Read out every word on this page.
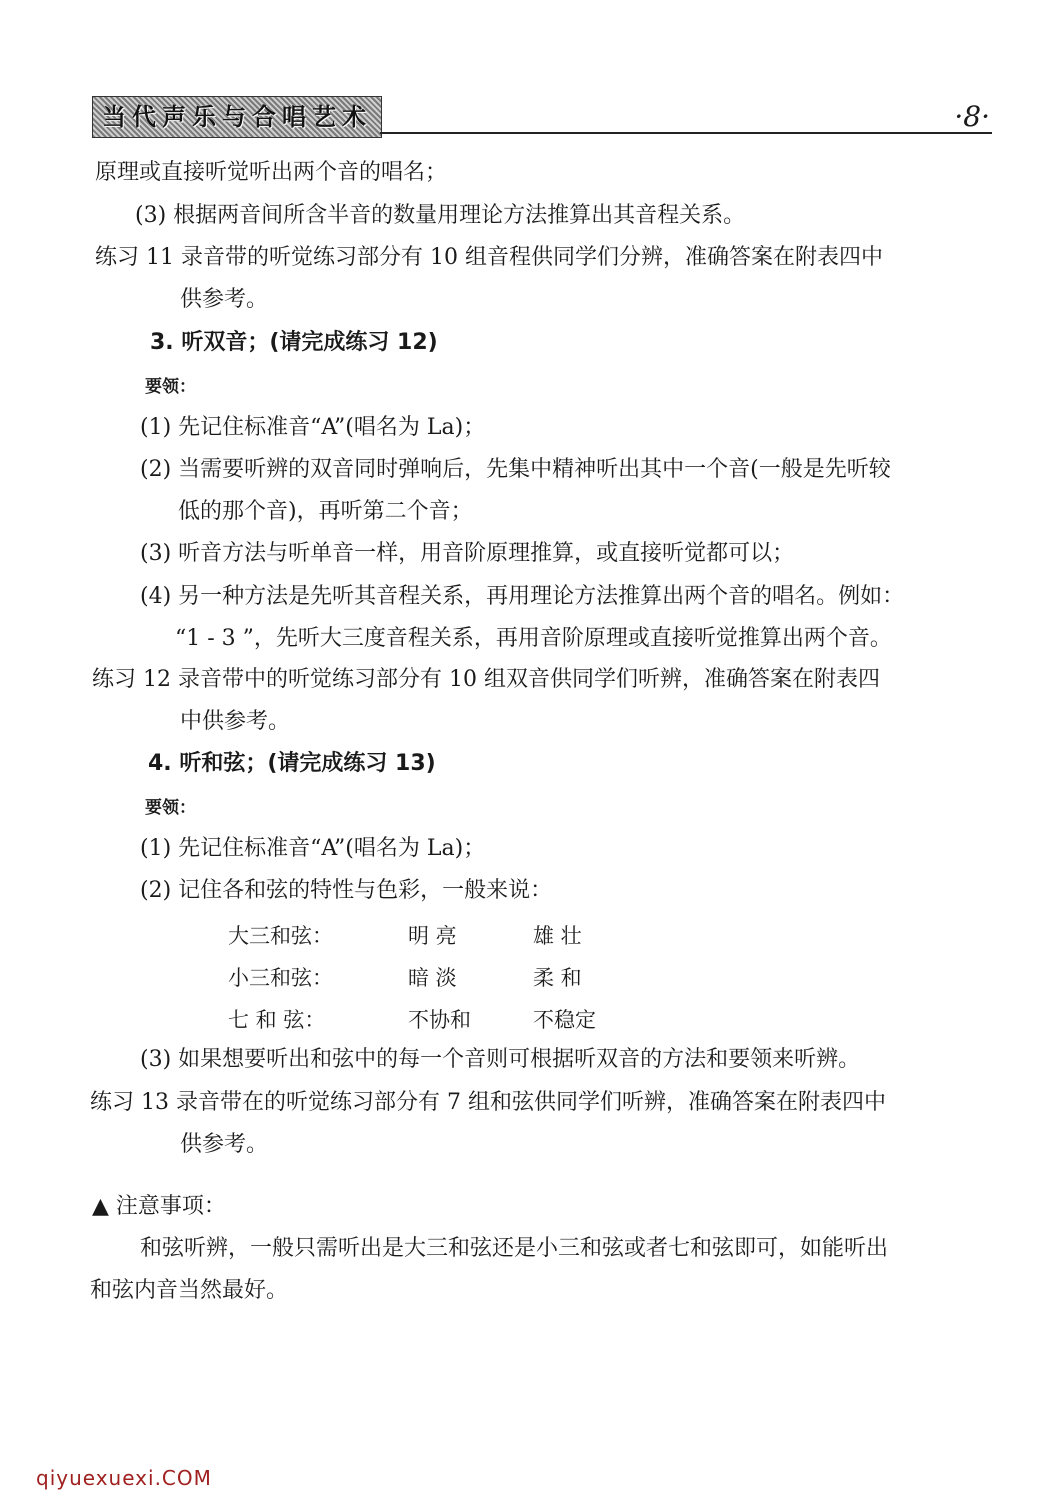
当代声乐与合唱艺术	·8·
原理或直接听觉听出两个音的唱名；
(3) 根据两音间所含半音的数量用理论方法推算出其音程关系。
练习 11 录音带的听觉练习部分有 10 组音程供同学们分辨，准确答案在附表四中
供参考。
3. 听双音；(请完成练习 12)
要领：
(1) 先记住标准音“A”(唱名为 La)；
(2) 当需要听辨的双音同时弹响后，先集中精神听出其中一个音(一般是先听较
低的那个音)，再听第二个音；
(3) 听音方法与听单音一样，用音阶原理推算，或直接听觉都可以；
(4) 另一种方法是先听其音程关系，再用理论方法推算出两个音的唱名。例如：
“1 - 3 ”，先听大三度音程关系，再用音阶原理或直接听觉推算出两个音。
练习 12 录音带中的听觉练习部分有 10 组双音供同学们听辨，准确答案在附表四
中供参考。
4. 听和弦；(请完成练习 13)
要领：
(1) 先记住标准音“A”(唱名为 La)；
(2) 记住各和弦的特性与色彩，一般来说：
大三和弦：	明 亮	雄 壮
小三和弦：	暗 淡	柔 和
七 和 弦：	不协和	不稳定
(3) 如果想要听出和弦中的每一个音则可根据听双音的方法和要领来听辨。
练习 13 录音带在的听觉练习部分有 7 组和弦供同学们听辨，准确答案在附表四中
供参考。
▲ 注意事项：
和弦听辨，一般只需听出是大三和弦还是小三和弦或者七和弦即可，如能听出
和弦内音当然最好。
qiyuexuexi.COM
